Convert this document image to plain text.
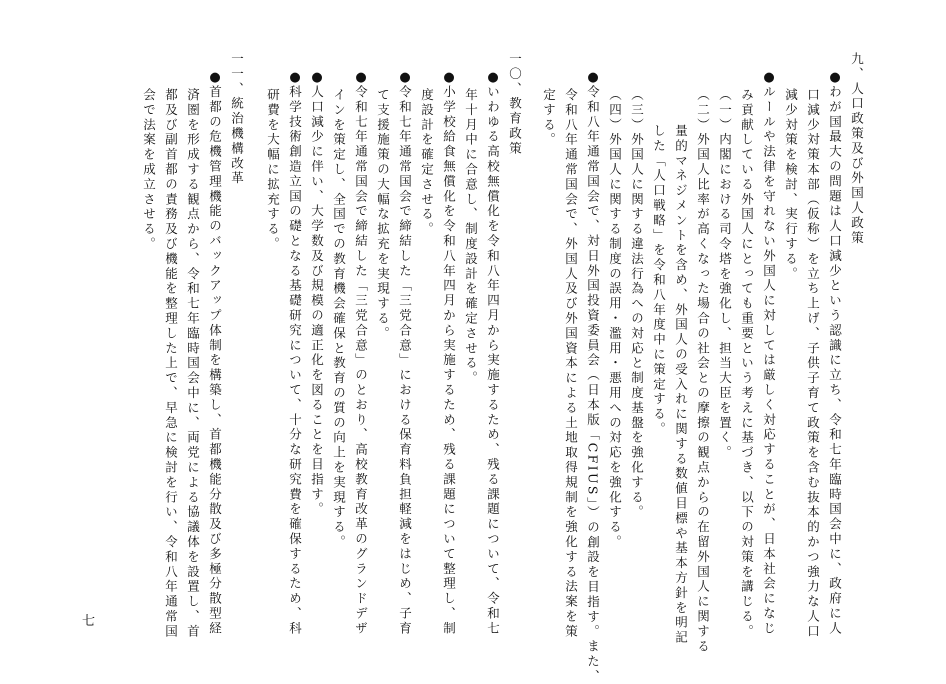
九、人口政策及び外国人政策
●わが国最大の問題は人口減少という認識に立ち、令和七年臨時国会中に、政府に人
口減少対策本部（仮称）を立ち上げ、子供子育て政策を含む抜本的かつ強力な人口
減少対策を検討、実行する。
●ルールや法律を守れない外国人に対しては厳しく対応することが、日本社会になじ
み貢献している外国人にとっても重要という考えに基づき、以下の対策を講じる。
（一）内閣における司令塔を強化し、担当大臣を置く。
（二）外国人比率が高くなった場合の社会との摩擦の観点からの在留外国人に関する
量的マネジメントを含め、外国人の受入れに関する数値目標や基本方針を明記
した「人口戦略」を令和八年度中に策定する。
（三）外国人に関する違法行為への対応と制度基盤を強化する。
（四）外国人に関する制度の誤用・濫用・悪用への対応を強化する。
●令和八年通常国会で、対日外国投資委員会（日本版「CFIUS」）の創設を目指す。また、
令和八年通常国会で、外国人及び外国資本による土地取得規制を強化する法案を策
定する。
一〇、教育政策
●いわゆる高校無償化を令和八年四月から実施するため、残る課題について、令和七
年十月中に合意し、制度設計を確定させる。
●小学校給食無償化を令和八年四月から実施するため、残る課題について整理し、制
度設計を確定させる。
●令和七年通常国会で締結した「三党合意」における保育料負担軽減をはじめ、子育
て支援施策の大幅な拡充を実現する。
●令和七年通常国会で締結した「三党合意」のとおり、高校教育改革のグランドデザ
インを策定し、全国での教育機会確保と教育の質の向上を実現する。
●人口減少に伴い、大学数及び規模の適正化を図ることを目指す。
●科学技術創造立国の礎となる基礎研究について、十分な研究費を確保するため、科
研費を大幅に拡充する。
一一、統治機構改革
●首都の危機管理機能のバックアップ体制を構築し、首都機能分散及び多極分散型経
済圏を形成する観点から、令和七年臨時国会中に、両党による協議体を設置し、首
都及び副首都の責務及び機能を整理した上で、早急に検討を行い、令和八年通常国
会で法案を成立させる。
七
